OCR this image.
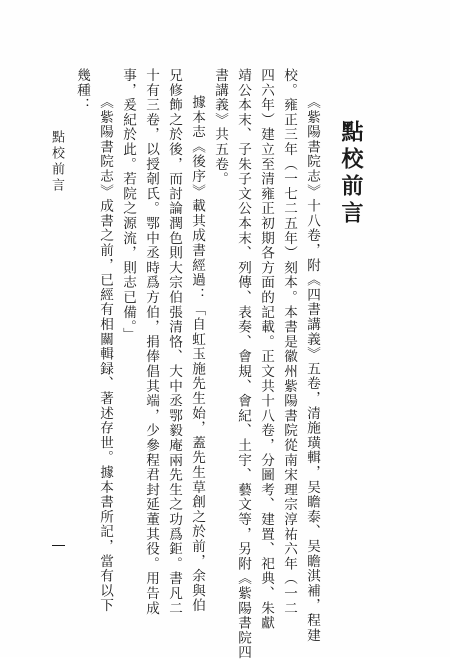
點校前言	點校前言
《紫陽書院志》十八卷，附《四書講義》五卷，清施璜輯，吴瞻泰、吴瞻淇補，程建
校。雍正三年（一七二五年）刻本。本書是徽州紫陽書院從南宋理宗淳祐六年（一二
四六年）建立至清雍正初期各方面的記載。正文共十八卷，分圖考、建置、祀典、朱獻
靖公本末、子朱子文公本末、列傳、表奏、會規、會紀、土宇、藝文等，另附《紫陽書院四
書講義》共五卷。
據本志《後序》載其成書經過：「自虹玉施先生始，蓋先生草創之於前，余與伯
兄修飾之於後，而討論潤色則大宗伯張清恪、大中丞鄂毅庵兩先生之功爲鉅。書凡二
十有三卷，以授剞氏。鄂中丞時爲方伯，捐俸倡其端，少參程君封延董其役。用告成
事，爰紀於此。若院之源流，則志已備。」
《紫陽書院志》成書之前，已經有相關輯録、著述存世。據本書所記，當有以下
幾種：
